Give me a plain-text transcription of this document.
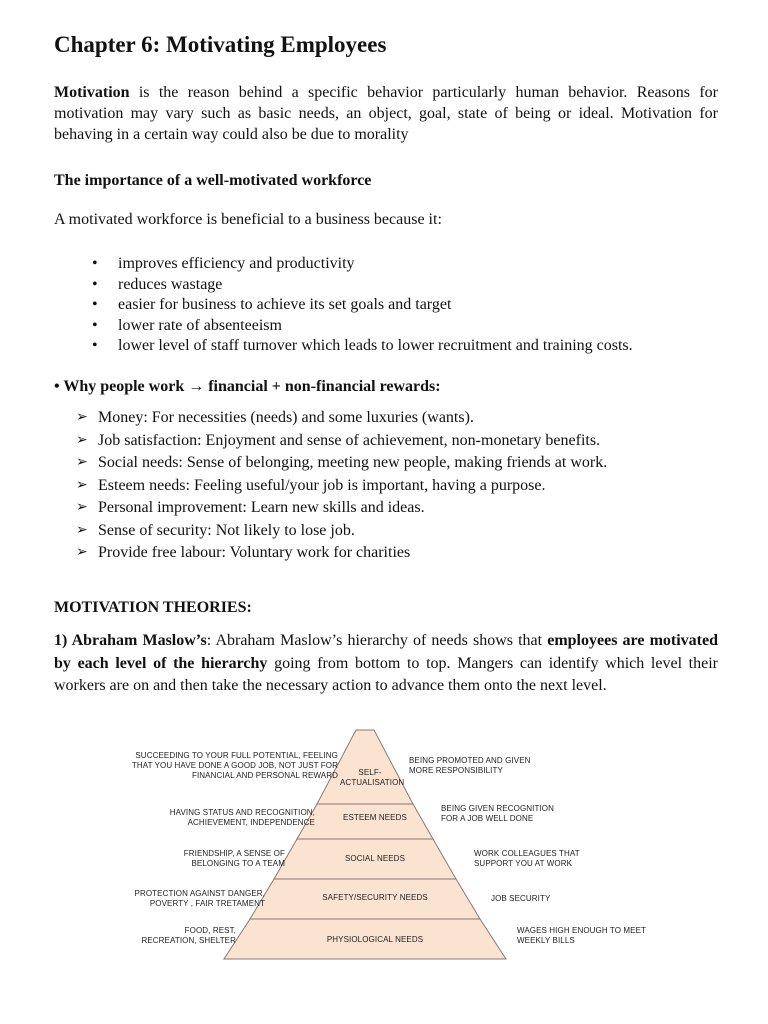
Chapter 6: Motivating Employees

Motivation is the reason behind a specific behavior particularly human behavior. Reasons for motivation may vary such as basic needs, an object, goal, state of being or ideal. Motivation for behaving in a certain way could also be due to morality

The importance of a well-motivated workforce

A motivated workforce is beneficial to a business because it:

• improves efficiency and productivity
• reduces wastage
• easier for business to achieve its set goals and target
• lower rate of absenteeism
• lower level of staff turnover which leads to lower recruitment and training costs.

• Why people work → financial + non-financial rewards:

➢ Money: For necessities (needs) and some luxuries (wants).
➢ Job satisfaction: Enjoyment and sense of achievement, non-monetary benefits.
➢ Social needs: Sense of belonging, meeting new people, making friends at work.
➢ Esteem needs: Feeling useful/your job is important, having a purpose.
➢ Personal improvement: Learn new skills and ideas.
➢ Sense of security: Not likely to lose job.
➢ Provide free labour: Voluntary work for charities

MOTIVATION THEORIES:

1) Abraham Maslow’s: Abraham Maslow’s hierarchy of needs shows that employees are motivated by each level of the hierarchy going from bottom to top. Mangers can identify which level their workers are on and then take the necessary action to advance them onto the next level.

SELF-
ACTUALISATION
ESTEEM NEEDS
SOCIAL NEEDS
SAFETY/SECURITY NEEDS
PHYSIOLOGICAL NEEDS
SUCCEEDING TO YOUR FULL POTENTIAL, FEELING
THAT YOU HAVE DONE A GOOD JOB, NOT JUST FOR
FINANCIAL AND PERSONAL REWARD
HAVING STATUS AND RECOGNITION,
ACHIEVEMENT, INDEPENDENCE
FRIENDSHIP, A SENSE OF
BELONGING TO A TEAM
PROTECTION AGAINST DANGER,
POVERTY , FAIR TRETAMENT
FOOD, REST,
RECREATION, SHELTER
BEING PROMOTED AND GIVEN
MORE RESPONSIBILITY
BEING GIVEN RECOGNITION
FOR A JOB WELL DONE
WORK COLLEAGUES THAT
SUPPORT YOU AT WORK
JOB SECURITY
WAGES HIGH ENOUGH TO MEET
WEEKLY BILLS
